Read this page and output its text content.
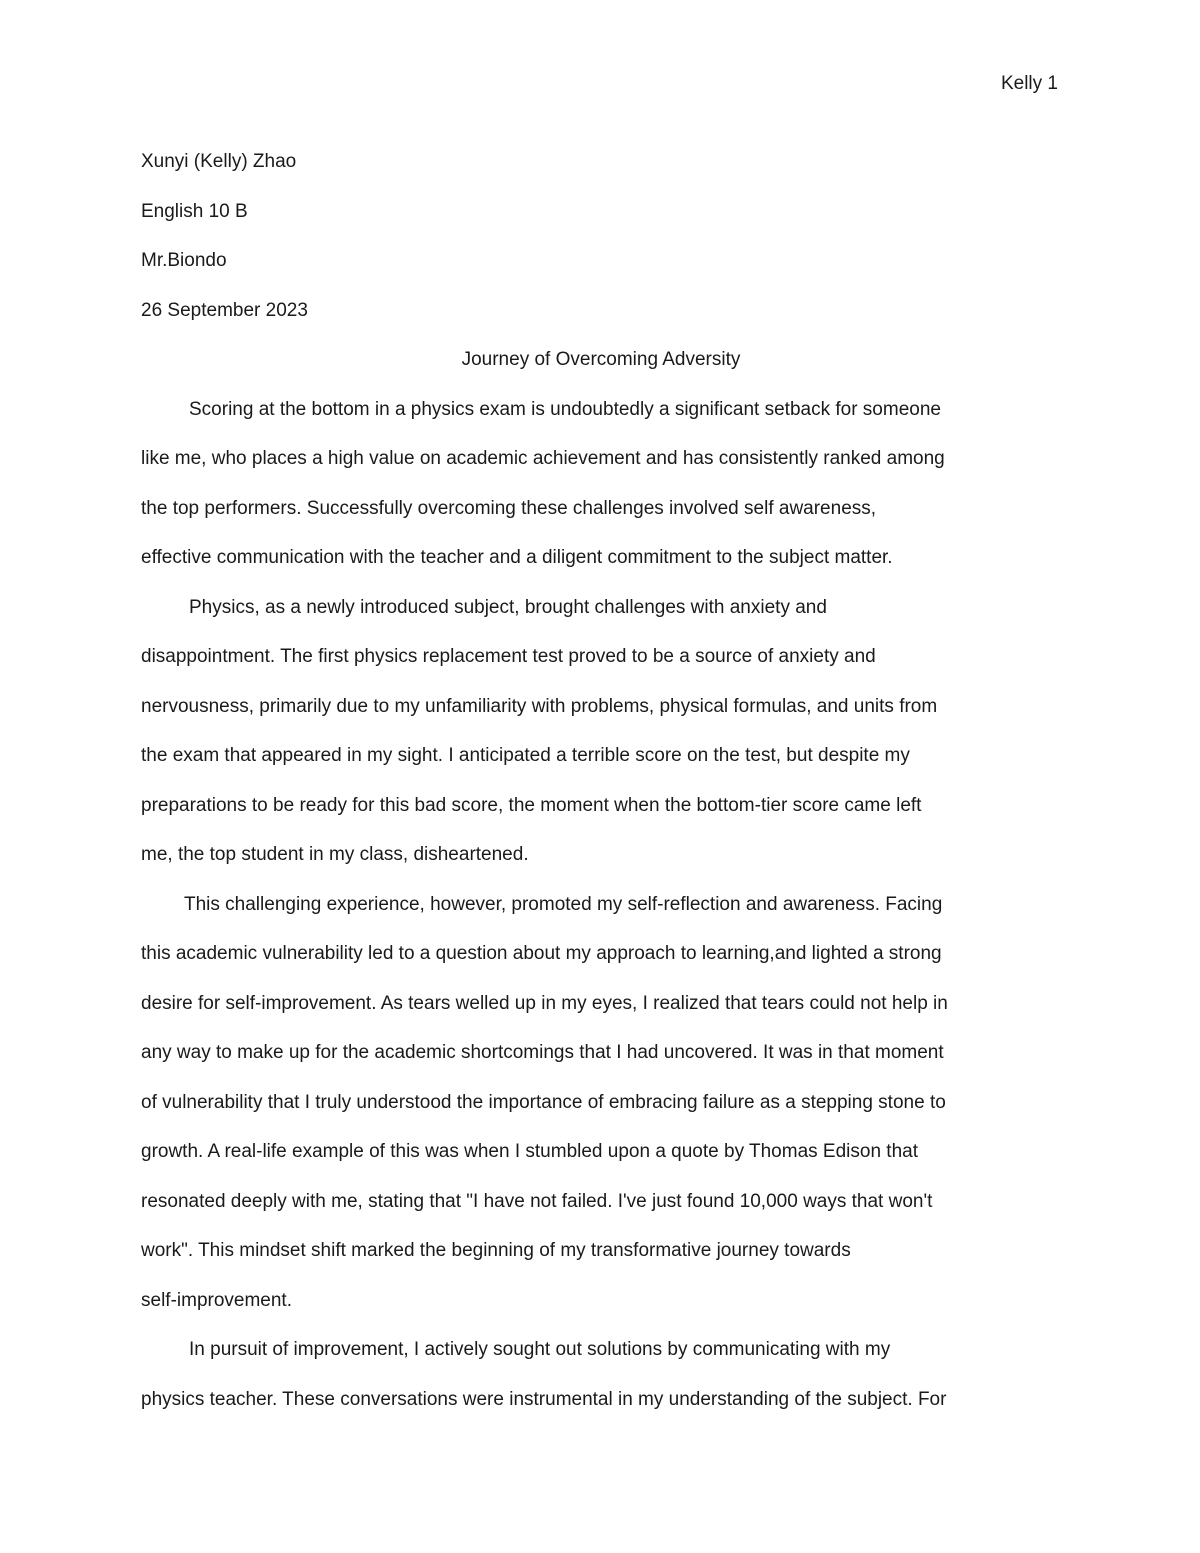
Kelly 1

Xunyi (Kelly) Zhao

English 10 B

Mr.Biondo

26 September 2023

Journey of Overcoming Adversity

Scoring at the bottom in a physics exam is undoubtedly a significant setback for someone

like me, who places a high value on academic achievement and has consistently ranked among

the top performers. Successfully overcoming these challenges involved self awareness,

effective communication with the teacher and a diligent commitment to the subject matter.

Physics, as a newly introduced subject, brought challenges with anxiety and

disappointment. The first physics replacement test proved to be a source of anxiety and

nervousness, primarily due to my unfamiliarity with problems, physical formulas, and units from

the exam that appeared in my sight. I anticipated a terrible score on the test, but despite my

preparations to be ready for this bad score, the moment when the bottom-tier score came left

me, the top student in my class, disheartened.

This challenging experience, however, promoted my self-reflection and awareness. Facing

this academic vulnerability led to a question about my approach to learning,and lighted a strong

desire for self-improvement. As tears welled up in my eyes, I realized that tears could not help in

any way to make up for the academic shortcomings that I had uncovered. It was in that moment

of vulnerability that I truly understood the importance of embracing failure as a stepping stone to

growth. A real-life example of this was when I stumbled upon a quote by Thomas Edison that

resonated deeply with me, stating that "I have not failed. I've just found 10,000 ways that won't

work". This mindset shift marked the beginning of my transformative journey towards

self-improvement.

In pursuit of improvement, I actively sought out solutions by communicating with my

physics teacher. These conversations were instrumental in my understanding of the subject. For
